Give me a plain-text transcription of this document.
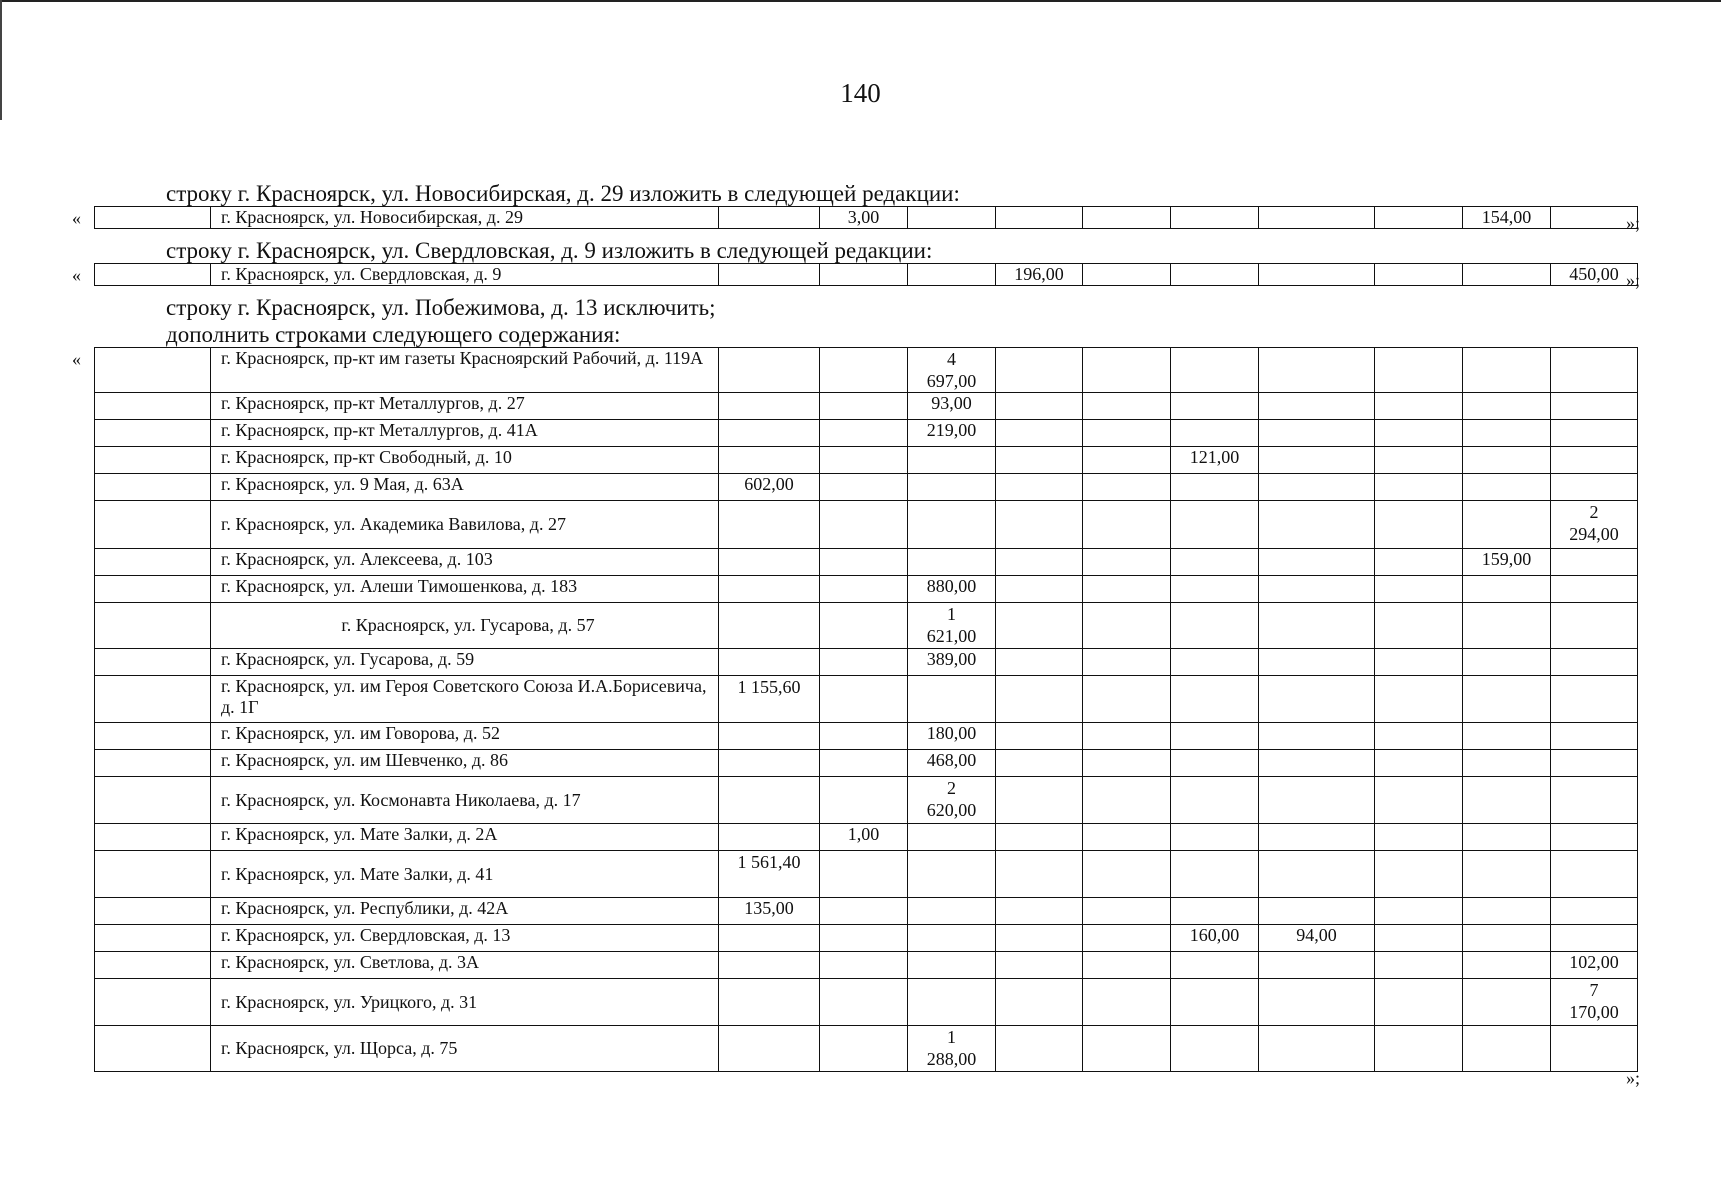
140
строку г. Красноярск, ул. Новосибирская, д. 29 изложить в следующей редакции:
«
		г. Красноярск, ул. Новосибирская, д. 29		3,00							154,00			»;
строку г. Красноярск, ул. Свердловская, д. 9 изложить в следующей редакции:
«
		г. Красноярск, ул. Свердловская, д. 9				196,00						450,00	»;
строку г. Красноярск, ул. Побежимова, д. 13 исключить;
дополнить строками следующего содержания:
«
		г. Красноярск, пр-кт им газеты Красноярский Рабочий, д. 119А			4 697,00								
	г. Красноярск, пр-кт Металлургов, д. 27			93,00								
	г. Красноярск, пр-кт Металлургов, д. 41А			219,00								
	г. Красноярск, пр-кт Свободный, д. 10						121,00					
	г. Красноярск, ул. 9 Мая, д. 63А	602,00										
	г. Красноярск, ул. Академика Вавилова, д. 27										2 294,00	
	г. Красноярск, ул. Алексеева, д. 103									159,00		
	г. Красноярск, ул. Алеши Тимошенкова, д. 183			880,00								
	г. Красноярск, ул. Гусарова, д. 57			1 621,00								
	г. Красноярск, ул. Гусарова, д. 59			389,00								
	г. Красноярск, ул. им Героя Советского Союза И.А.Борисевича, д. 1Г	1 155,60										
	г. Красноярск, ул. им Говорова, д. 52			180,00								
	г. Красноярск, ул. им Шевченко, д. 86			468,00								
	г. Красноярск, ул. Космонавта Николаева, д. 17			2 620,00								
	г. Красноярск, ул. Мате Залки, д. 2А		1,00									
	г. Красноярск, ул. Мате Залки, д. 41	1 561,40										
	г. Красноярск, ул. Республики, д. 42А	135,00										
	г. Красноярск, ул. Свердловская, д. 13						160,00	94,00				
	г. Красноярск, ул. Светлова, д. 3А										102,00	
	г. Красноярск, ул. Урицкого, д. 31										7 170,00	
	г. Красноярск, ул. Щорса, д. 75			1 288,00								
»;
